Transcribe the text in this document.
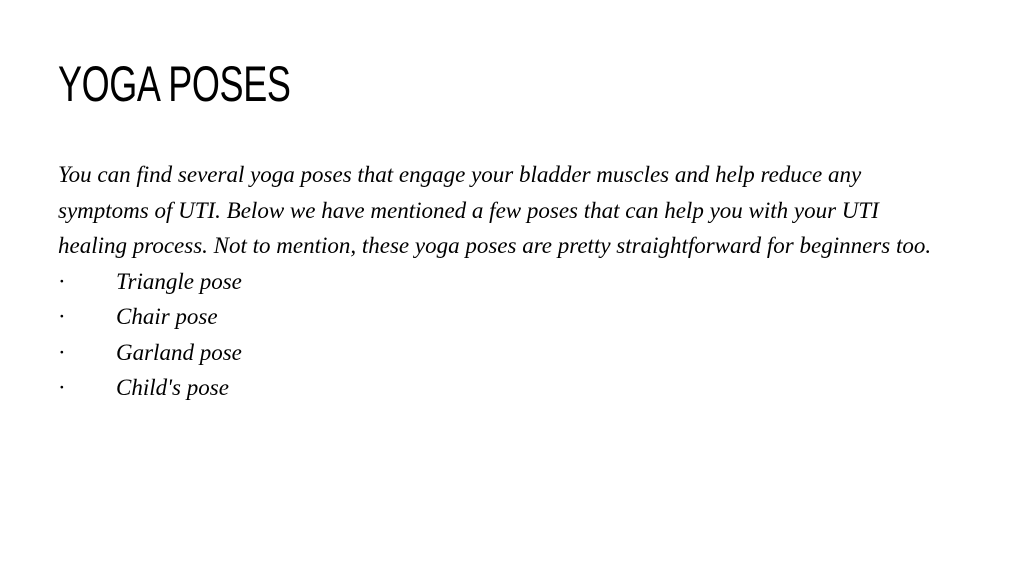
YOGA POSES

You can find several yoga poses that engage your bladder muscles and help reduce any symptoms of UTI. Below we have mentioned a few poses that can help you with your UTI healing process. Not to mention, these yoga poses are pretty straightforward for beginners too.

· Triangle pose
· Chair pose
· Garland pose
· Child's pose
